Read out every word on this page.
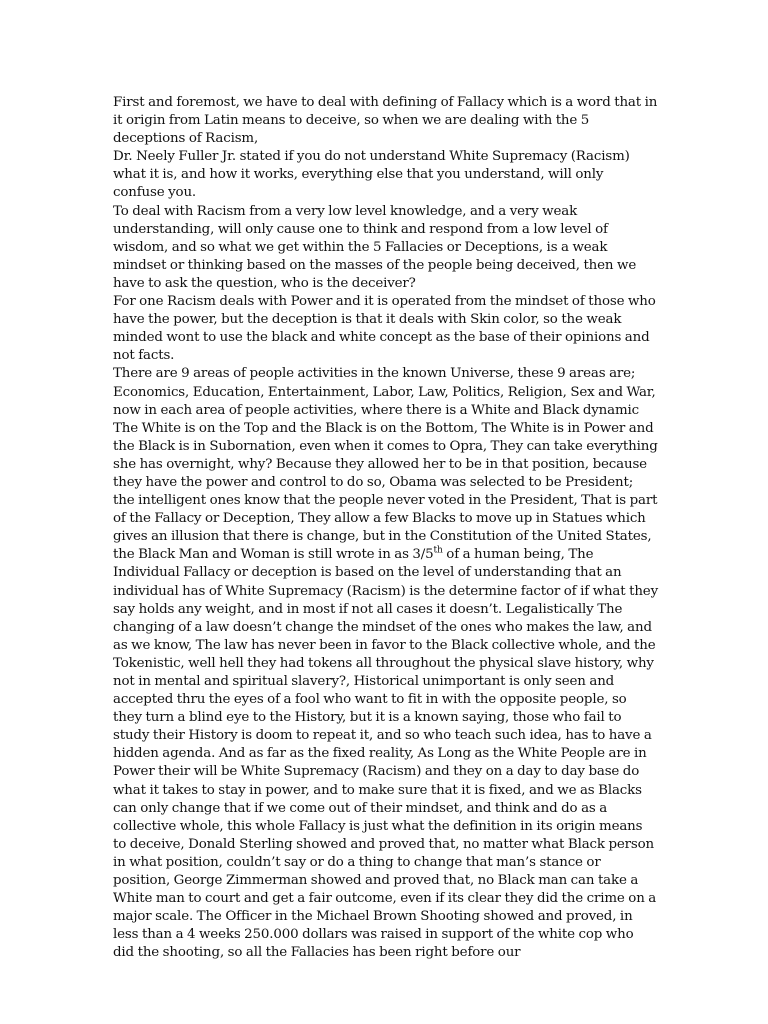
First and foremost, we have to deal with defining of Fallacy which is a word that in it origin from Latin means to deceive, so when we are dealing with the 5 deceptions of Racism,

Dr. Neely Fuller Jr. stated if you do not understand White Supremacy (Racism) what it is, and how it works, everything else that you understand, will only confuse you.

To deal with Racism from a very low level knowledge, and a very weak understanding, will only cause one to think and respond from a low level of wisdom, and so what we get within the 5 Fallacies or Deceptions, is a weak mindset or thinking based on the masses of the people being deceived, then we have to ask the question, who is the deceiver?

For one Racism deals with Power and it is operated from the mindset of those who have the power, but the deception is that it deals with Skin color, so the weak minded wont to use the black and white concept as the base of their opinions and not facts.

There are 9 areas of people activities in the known Universe, these 9 areas are; Economics, Education, Entertainment, Labor, Law, Politics, Religion, Sex and War, now in each area of people activities, where there is a White and Black dynamic The White is on the Top and the Black is on the Bottom, The White is in Power and the Black is in Subornation, even when it comes to Opra, They can take everything she has overnight, why? Because they allowed her to be in that position, because they have the power and control to do so, Obama was selected to be President; the intelligent ones know that the people never voted in the President, That is part of the Fallacy or Deception, They allow a few Blacks to move up in Statues which gives an illusion that there is change, but in the Constitution of the United States, the Black Man and Woman is still wrote in as 3/5th of a human being, The Individual Fallacy or deception is based on the level of understanding that an individual has of White Supremacy (Racism) is the determine factor of if what they say holds any weight, and in most if not all cases it doesn’t. Legalistically The changing of a law doesn’t change the mindset of the ones who makes the law, and as we know, The law has never been in favor to the Black collective whole, and the Tokenistic, well hell they had tokens all throughout the physical slave history, why not in mental and spiritual slavery?, Historical unimportant is only seen and accepted thru the eyes of a fool who want to fit in with the opposite people, so they turn a blind eye to the History, but it is a known saying, those who fail to study their History is doom to repeat it, and so who teach such idea, has to have a hidden agenda. And as far as the fixed reality, As Long as the White People are in Power their will be White Supremacy (Racism) and they on a day to day base do what it takes to stay in power, and to make sure that it is fixed, and we as Blacks can only change that if we come out of their mindset, and think and do as a collective whole, this whole Fallacy is just what the definition in its origin means to deceive, Donald Sterling showed and proved that, no matter what Black person in what position, couldn’t say or do a thing to change that man’s stance or position, George Zimmerman showed and proved that, no Black man can take a White man to court and get a fair outcome, even if its clear they did the crime on a major scale. The Officer in the Michael Brown Shooting showed and proved, in less than a 4 weeks 250.000 dollars was raised in support of the white cop who did the shooting, so all the Fallacies has been right before our
